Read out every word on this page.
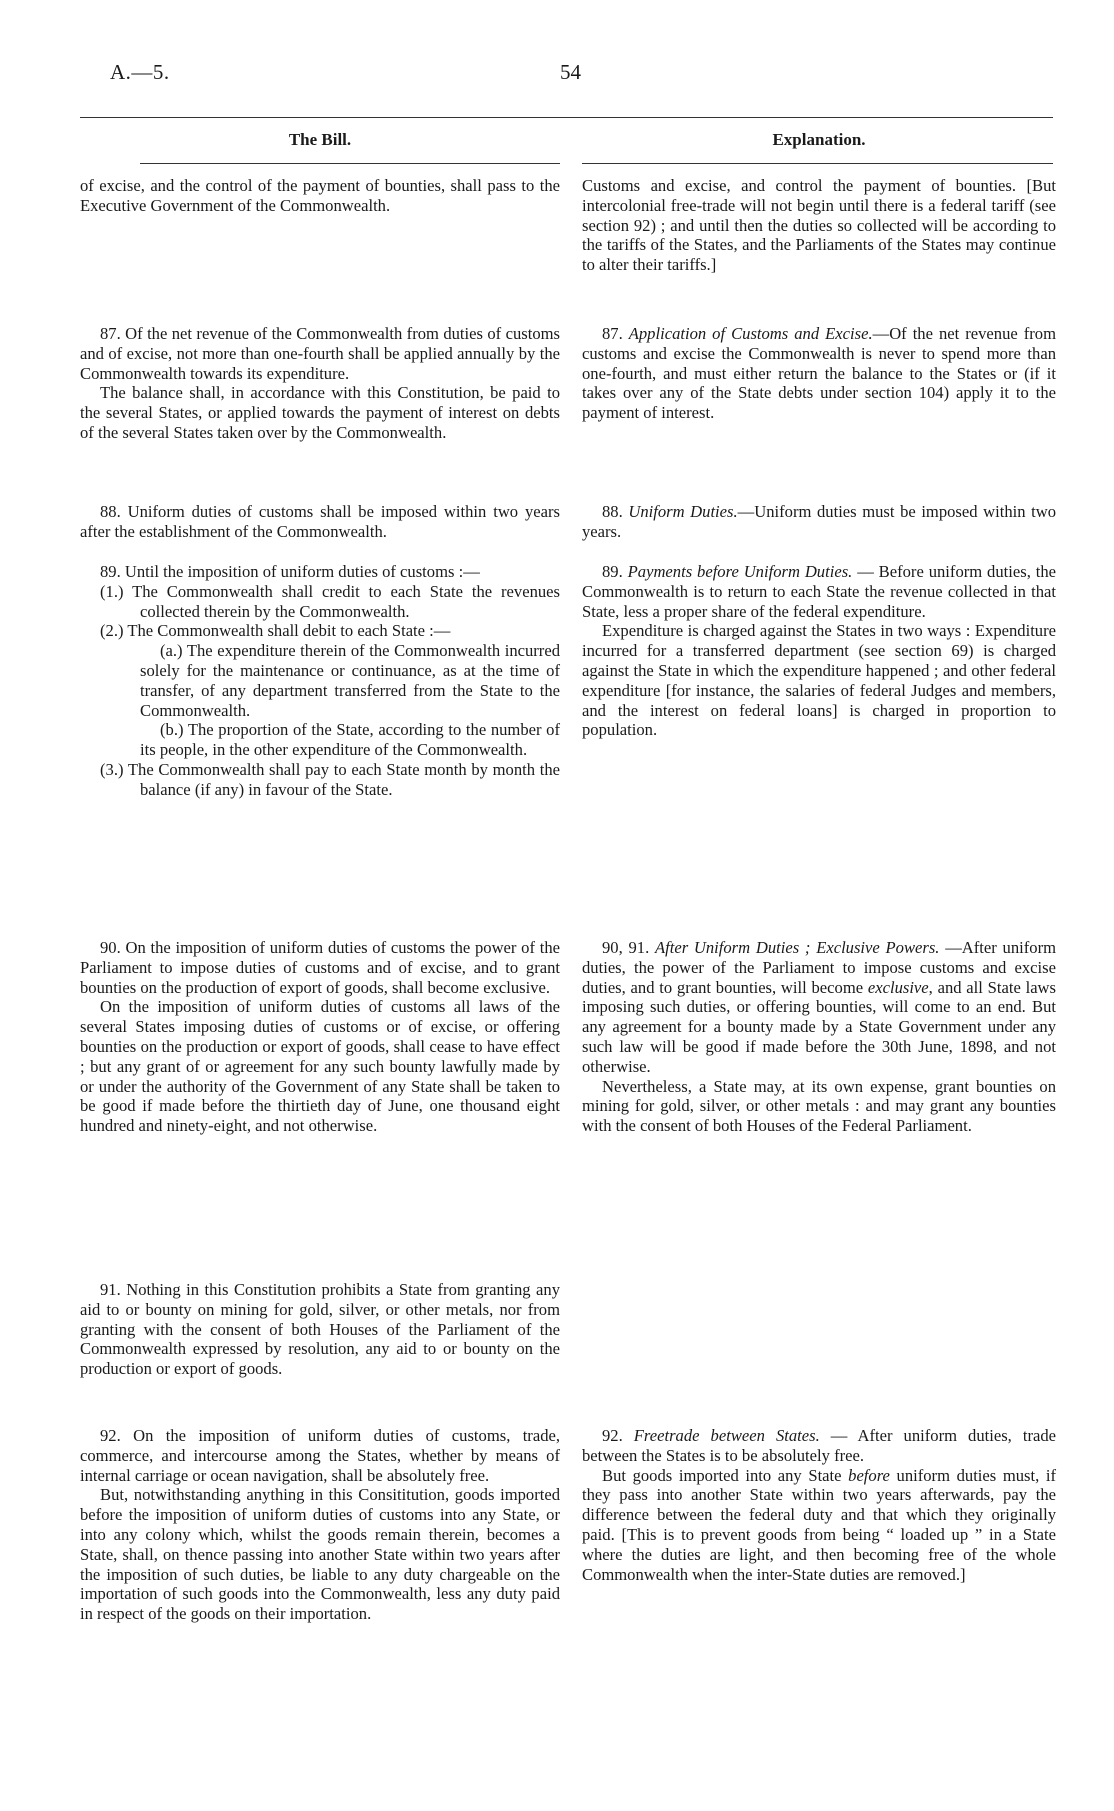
A.—5.	54
The Bill.	Explanation.

of excise, and the control of the payment of bounties, shall pass to the Executive Government of the Commonwealth.

87. Of the net revenue of the Commonwealth from duties of customs and of excise, not more than one-fourth shall be applied annually by the Commonwealth towards its expenditure.

The balance shall, in accordance with this Constitution, be paid to the several States, or applied towards the payment of interest on debts of the several States taken over by the Commonwealth.

88. Uniform duties of customs shall be imposed within two years after the establishment of the Commonwealth.

89. Until the imposition of uniform duties of customs :—

(1.) The Commonwealth shall credit to each State the revenues collected therein by the Commonwealth.

(2.) The Commonwealth shall debit to each State :—

(a.) The expenditure therein of the Commonwealth incurred solely for the maintenance or continuance, as at the time of transfer, of any department transferred from the State to the Commonwealth.

(b.) The proportion of the State, according to the number of its people, in the other expenditure of the Commonwealth.

(3.) The Commonwealth shall pay to each State month by month the balance (if any) in favour of the State.

90. On the imposition of uniform duties of customs the power of the Parliament to impose duties of customs and of excise, and to grant bounties on the production of export of goods, shall become exclusive.

On the imposition of uniform duties of customs all laws of the several States imposing duties of customs or of excise, or offering bounties on the production or export of goods, shall cease to have effect ; but any grant of or agreement for any such bounty lawfully made by or under the authority of the Government of any State shall be taken to be good if made before the thirtieth day of June, one thousand eight hundred and ninety-eight, and not otherwise.

91. Nothing in this Constitution prohibits a State from granting any aid to or bounty on mining for gold, silver, or other metals, nor from granting with the consent of both Houses of the Parliament of the Commonwealth expressed by resolution, any aid to or bounty on the production or export of goods.

92. On the imposition of uniform duties of customs, trade, commerce, and intercourse among the States, whether by means of internal carriage or ocean navigation, shall be absolutely free.

But, notwithstanding anything in this Consititution, goods imported before the imposition of uniform duties of customs into any State, or into any colony which, whilst the goods remain therein, becomes a State, shall, on thence passing into another State within two years after the imposition of such duties, be liable to any duty chargeable on the importation of such goods into the Commonwealth, less any duty paid in respect of the goods on their importation.

Customs and excise, and control the payment of bounties. [But intercolonial free-trade will not begin until there is a federal tariff (see section 92) ; and until then the duties so collected will be according to the tariffs of the States, and the Parliaments of the States may continue to alter their tariffs.]

87. Application of Customs and Excise.—Of the net revenue from customs and excise the Commonwealth is never to spend more than one-fourth, and must either return the balance to the States or (if it takes over any of the State debts under section 104) apply it to the payment of interest.

88. Uniform Duties.—Uniform duties must be imposed within two years.

89. Payments before Uniform Duties. — Before uniform duties, the Commonwealth is to return to each State the revenue collected in that State, less a proper share of the federal expenditure.

Expenditure is charged against the States in two ways : Expenditure incurred for a transferred department (see section 69) is charged against the State in which the expenditure happened ; and other federal expenditure [for instance, the salaries of federal Judges and members, and the interest on federal loans] is charged in proportion to population.

90, 91. After Uniform Duties ; Exclusive Powers. —After uniform duties, the power of the Parliament to impose customs and excise duties, and to grant bounties, will become exclusive, and all State laws imposing such duties, or offering bounties, will come to an end. But any agreement for a bounty made by a State Government under any such law will be good if made before the 30th June, 1898, and not otherwise.

Nevertheless, a State may, at its own expense, grant bounties on mining for gold, silver, or other metals : and may grant any bounties with the consent of both Houses of the Federal Parliament.

92. Freetrade between States. — After uniform duties, trade between the States is to be absolutely free.

But goods imported into any State before uniform duties must, if they pass into another State within two years afterwards, pay the difference between the federal duty and that which they originally paid. [This is to prevent goods from being “ loaded up ” in a State where the duties are light, and then becoming free of the whole Commonwealth when the inter-State duties are removed.]
